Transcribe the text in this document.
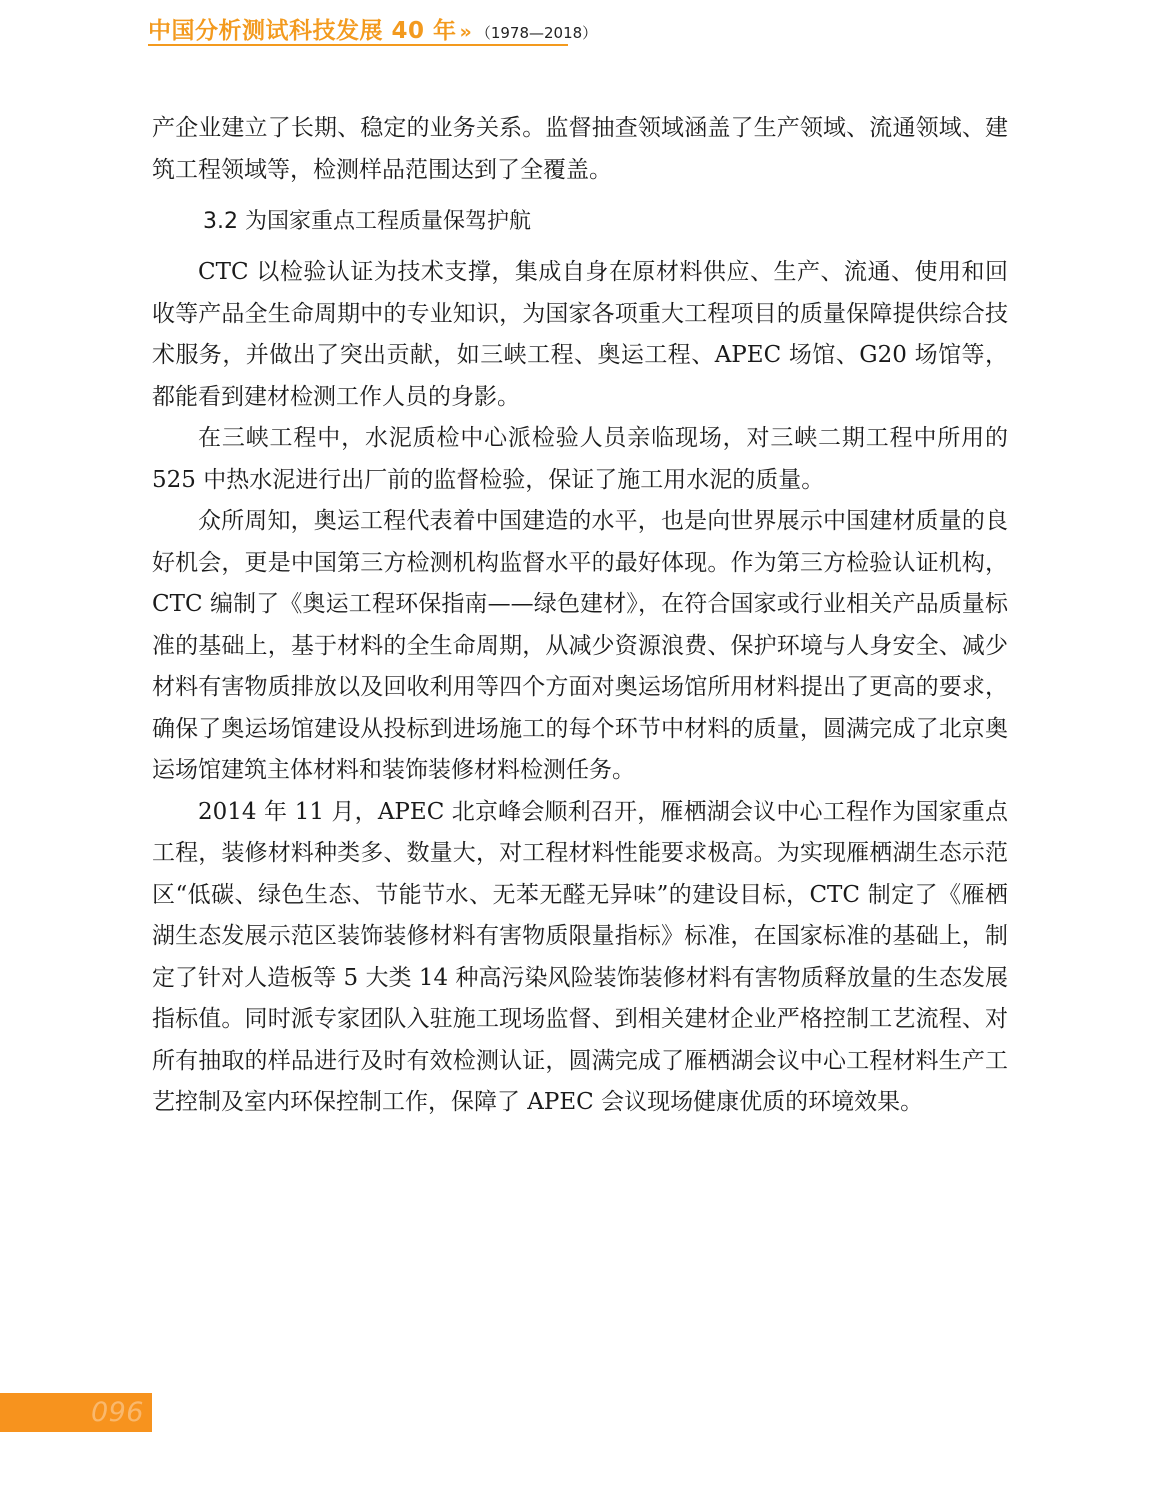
中国分析测试科技发展 40 年 » （1978—2018）

产企业建立了长期、稳定的业务关系。监督抽查领域涵盖了生产领域、流通领域、建筑工程领域等，检测样品范围达到了全覆盖。

3.2 为国家重点工程质量保驾护航

CTC 以检验认证为技术支撑，集成自身在原材料供应、生产、流通、使用和回收等产品全生命周期中的专业知识，为国家各项重大工程项目的质量保障提供综合技术服务，并做出了突出贡献，如三峡工程、奥运工程、APEC 场馆、G20 场馆等，都能看到建材检测工作人员的身影。

在三峡工程中，水泥质检中心派检验人员亲临现场，对三峡二期工程中所用的 525 中热水泥进行出厂前的监督检验，保证了施工用水泥的质量。

众所周知，奥运工程代表着中国建造的水平，也是向世界展示中国建材质量的良好机会，更是中国第三方检测机构监督水平的最好体现。作为第三方检验认证机构，CTC 编制了《奥运工程环保指南——绿色建材》，在符合国家或行业相关产品质量标准的基础上，基于材料的全生命周期，从减少资源浪费、保护环境与人身安全、减少材料有害物质排放以及回收利用等四个方面对奥运场馆所用材料提出了更高的要求，确保了奥运场馆建设从投标到进场施工的每个环节中材料的质量，圆满完成了北京奥运场馆建筑主体材料和装饰装修材料检测任务。

2014 年 11 月，APEC 北京峰会顺利召开，雁栖湖会议中心工程作为国家重点工程，装修材料种类多、数量大，对工程材料性能要求极高。为实现雁栖湖生态示范区“低碳、绿色生态、节能节水、无苯无醛无异味”的建设目标，CTC 制定了《雁栖湖生态发展示范区装饰装修材料有害物质限量指标》标准，在国家标准的基础上，制定了针对人造板等 5 大类 14 种高污染风险装饰装修材料有害物质释放量的生态发展指标值。同时派专家团队入驻施工现场监督、到相关建材企业严格控制工艺流程、对所有抽取的样品进行及时有效检测认证，圆满完成了雁栖湖会议中心工程材料生产工艺控制及室内环保控制工作，保障了 APEC 会议现场健康优质的环境效果。

096
